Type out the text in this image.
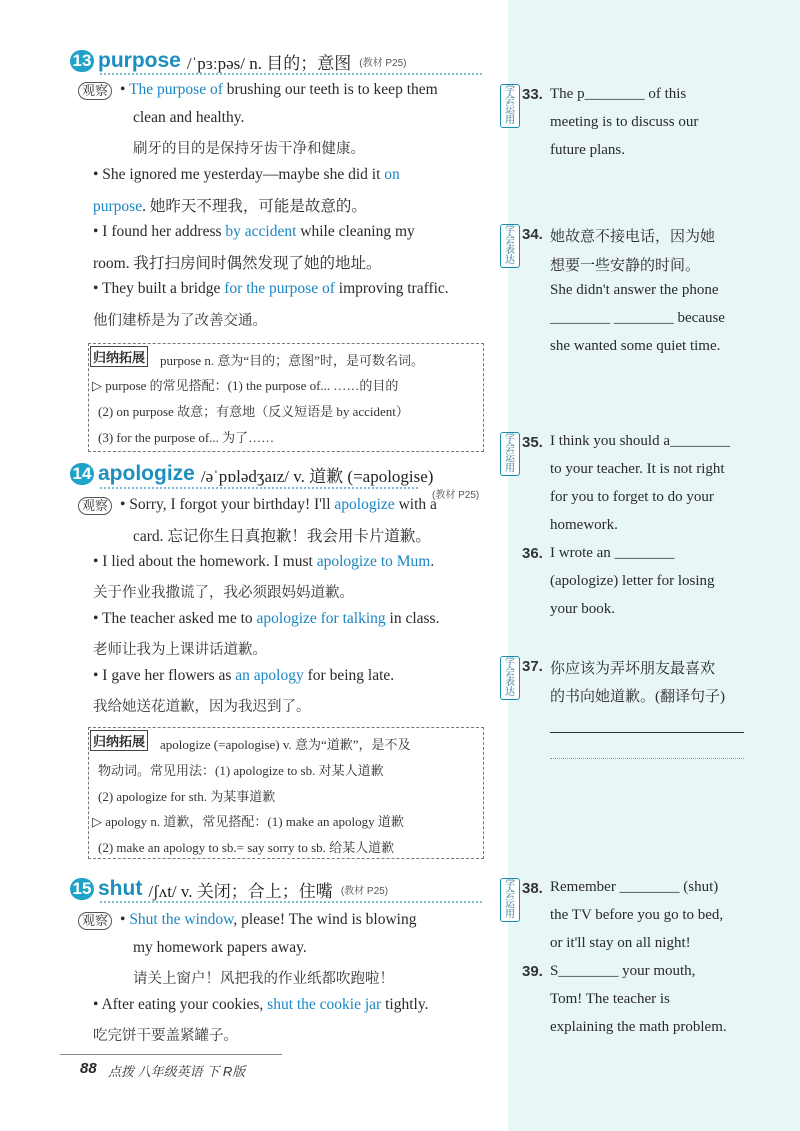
13 purpose /ˈpɜːpəs/ n. 目的；意图 (教材 P25)
观察 • The purpose of brushing our teeth is to keep them
clean and healthy.
刷牙的目的是保持牙齿干净和健康。
• She ignored me yesterday—maybe she did it on
purpose. 她昨天不理我，可能是故意的。
• I found her address by accident while cleaning my
room. 我打扫房间时偶然发现了她的地址。
• They built a bridge for the purpose of improving traffic.
他们建桥是为了改善交通。
归纳拓展 purpose n. 意为“目的；意图”时，是可数名词。
▷ purpose 的常见搭配：(1) the purpose of... ……的目的
(2) on purpose 故意；有意地（反义短语是 by accident）
(3) for the purpose of... 为了……
14 apologize /əˈpɒlədʒaɪz/ v. 道歉 (=apologise)
(教材 P25)
观察 • Sorry, I forgot your birthday! I'll apologize with a
card. 忘记你生日真抱歉！我会用卡片道歉。
• I lied about the homework. I must apologize to Mum.
关于作业我撒谎了，我必须跟妈妈道歉。
• The teacher asked me to apologize for talking in class.
老师让我为上课讲话道歉。
• I gave her flowers as an apology for being late.
我给她送花道歉，因为我迟到了。
归纳拓展 apologize (=apologise) v. 意为“道歉”，是不及
物动词。常见用法：(1) apologize to sb. 对某人道歉
(2) apologize for sth. 为某事道歉
▷ apology n. 道歉，常见搭配：(1) make an apology 道歉
(2) make an apology to sb.= say sorry to sb. 给某人道歉
15 shut /ʃʌt/ v. 关闭；合上；住嘴 (教材 P25)
观察 • Shut the window, please! The wind is blowing
my homework papers away.
请关上窗户！风把我的作业纸都吹跑啦！
• After eating your cookies, shut the cookie jar tightly.
吃完饼干要盖紧罐子。
学会运用
33. The p________ of this
meeting is to discuss our
future plans.
学会表达
34. 她故意不接电话，因为她
想要一些安静的时间。
She didn't answer the phone
________ ________ because
she wanted some quiet time.
学会运用
35. I think you should a________
to your teacher. It is not right
for you to forget to do your
homework.
36. I wrote an ________
(apologize) letter for losing
your book.
学会表达
37. 你应该为弄坏朋友最喜欢
的书向她道歉。(翻译句子)
学会运用
38. Remember ________ (shut)
the TV before you go to bed,
or it'll stay on all night!
39. S________ your mouth,
Tom! The teacher is
explaining the math problem.
88 点拨 八年级英语 下 R版
